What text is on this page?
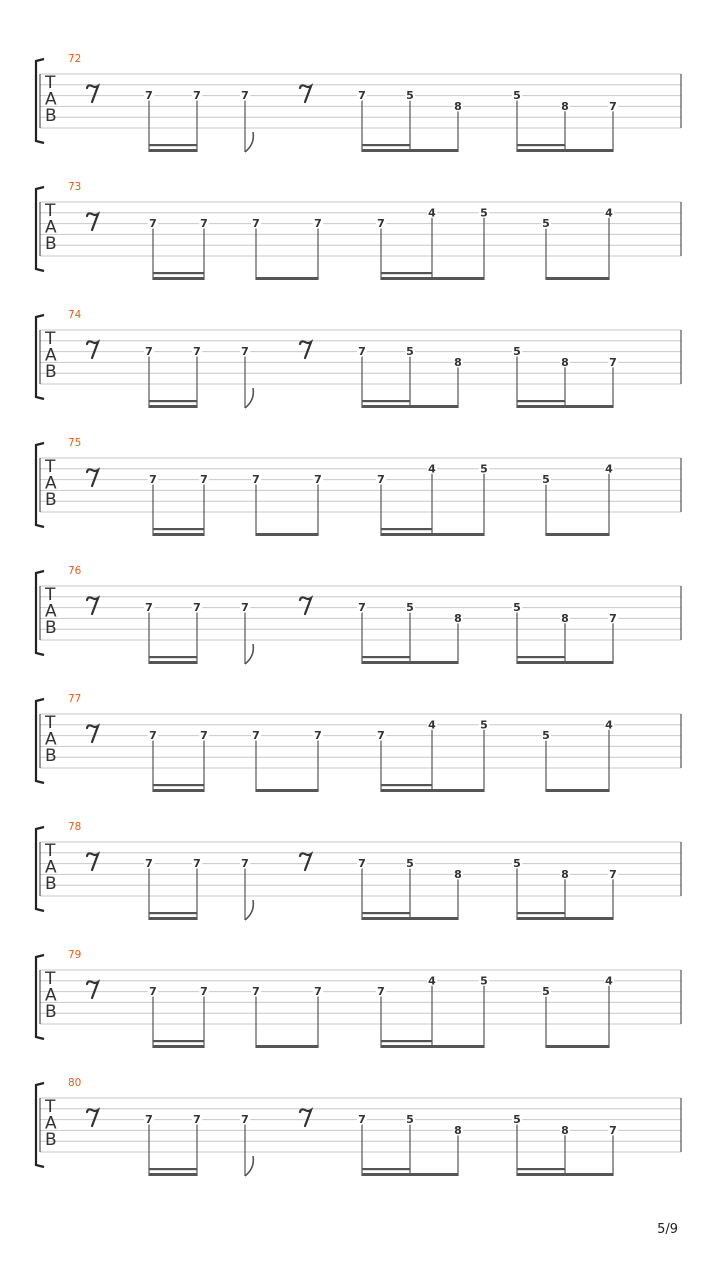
72
T
A
B
7	7	7	7	5
8
5
8	7
73
T
A
B
7	7	7	7	7
4	5
5
4
74
T
A
B
7	7	7	7	5
8
5
8	7
75
T
A
B
7	7	7	7	7
4	5
5
4
76
T
A
B
7	7	7	7	5
8
5
8	7
77
T
A
B
7	7	7	7	7
4	5
5
4
78
T
A
B
7	7	7	7	5
8
5
8	7
79
T
A
B
7	7	7	7	7
4	5
5
4
80
T
A
B
7	7	7	7	5
8
5
8	7
5/9
